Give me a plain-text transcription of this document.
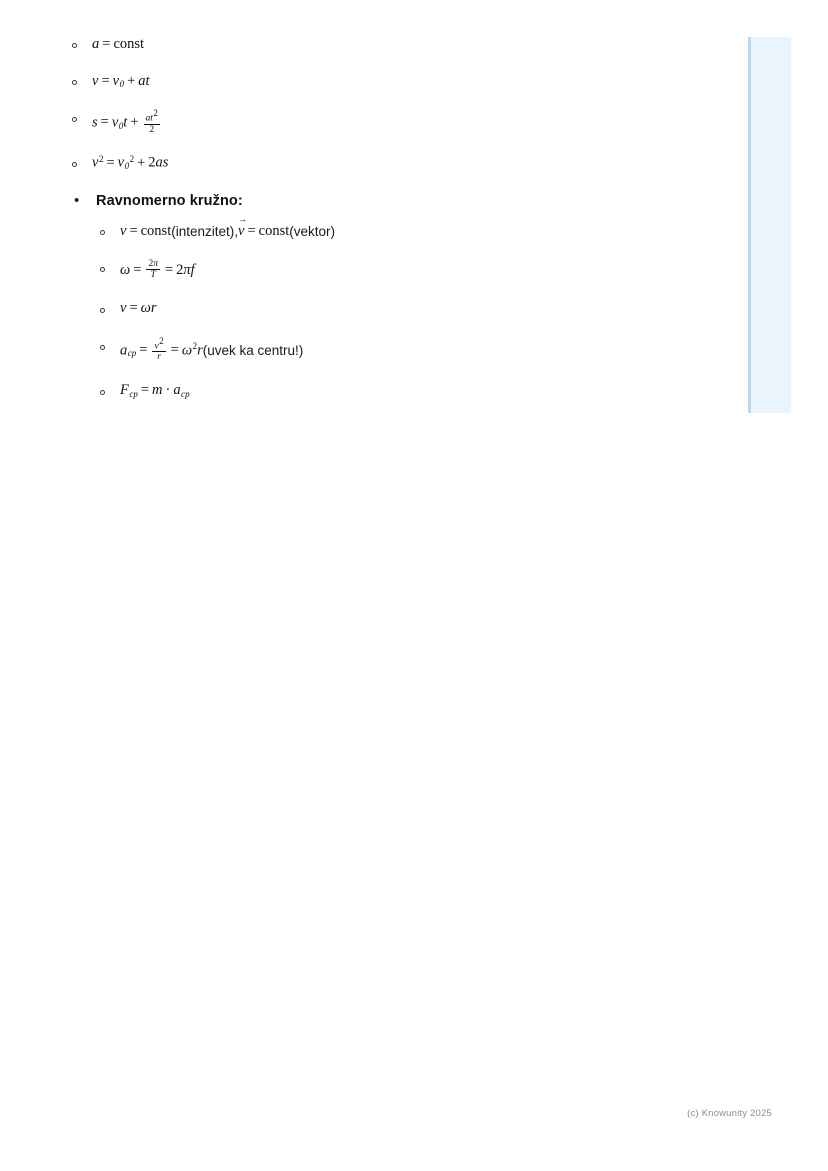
a = const
$v = v_0$ + at
$s = v_0t + \frac{at^2}{2}$
$v^2 = v_0^2 + 2as$
• Ravnomerno kružno:
v = const(intenzitet),v → = const(vektor)
$\omega = \frac{2\pi}{T} = 2\pi f$
v = ωr
$a_{cp} = \frac{v^2}{r}$ = $\omega^2r(uvek$ ka centru!)
$F_{cp} = m \cdot a_{cp}$
(c) Knowunity 2025
